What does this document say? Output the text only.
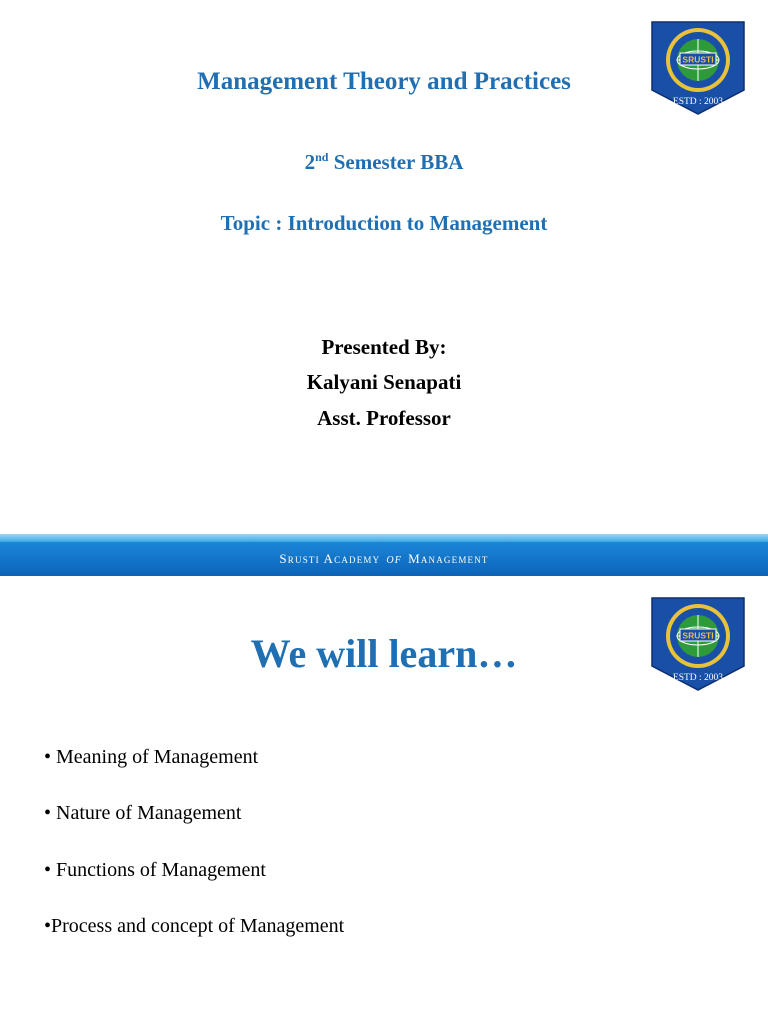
Management Theory and Practices
2nd Semester BBA
Topic : Introduction to Management
Presented By:
Kalyani Senapati
Asst. Professor
SRUSTI
ESTD : 2003
Srusti Academy of Management
SRUSTI
ESTD : 2003
We will learn…
• Meaning of Management
• Nature of Management
• Functions of Management
•Process and concept of Management
